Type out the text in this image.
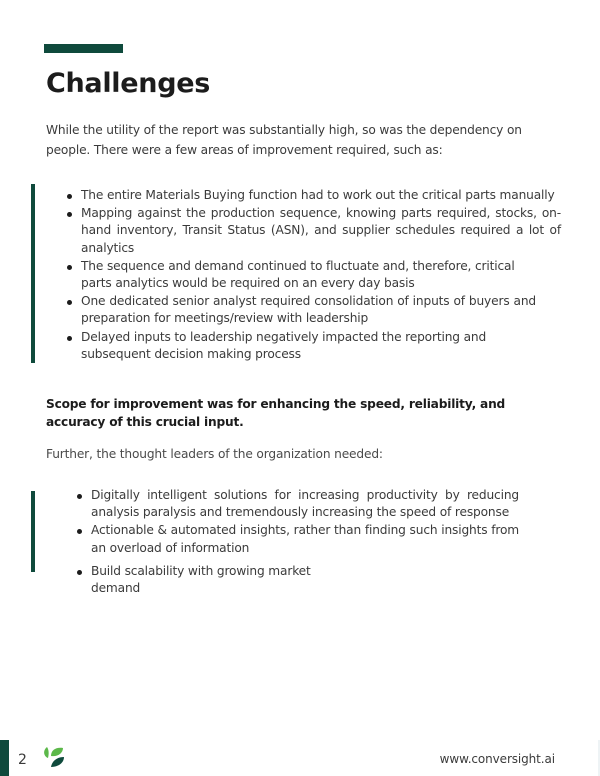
Challenges

While the utility of the report was substantially high, so was the dependency on people. There were a few areas of improvement required, such as:

The entire Materials Buying function had to work out the critical parts manually
Mapping against the production sequence, knowing parts required, stocks, on-hand inventory, Transit Status (ASN), and supplier schedules required a lot of analytics
The sequence and demand continued to fluctuate and, therefore, critical parts analytics would be required on an every day basis
One dedicated senior analyst required consolidation of inputs of buyers and preparation for meetings/review with leadership
Delayed inputs to leadership negatively impacted the reporting and subsequent decision making process

Scope for improvement was for enhancing the speed, reliability, and accuracy of this crucial input.

Further, the thought leaders of the organization needed:

Digitally intelligent solutions for increasing productivity by reducing analysis paralysis and tremendously increasing the speed of response
Actionable & automated insights, rather than finding such insights from an overload of information
Build scalability with growing market demand
2	www.conversight.ai
